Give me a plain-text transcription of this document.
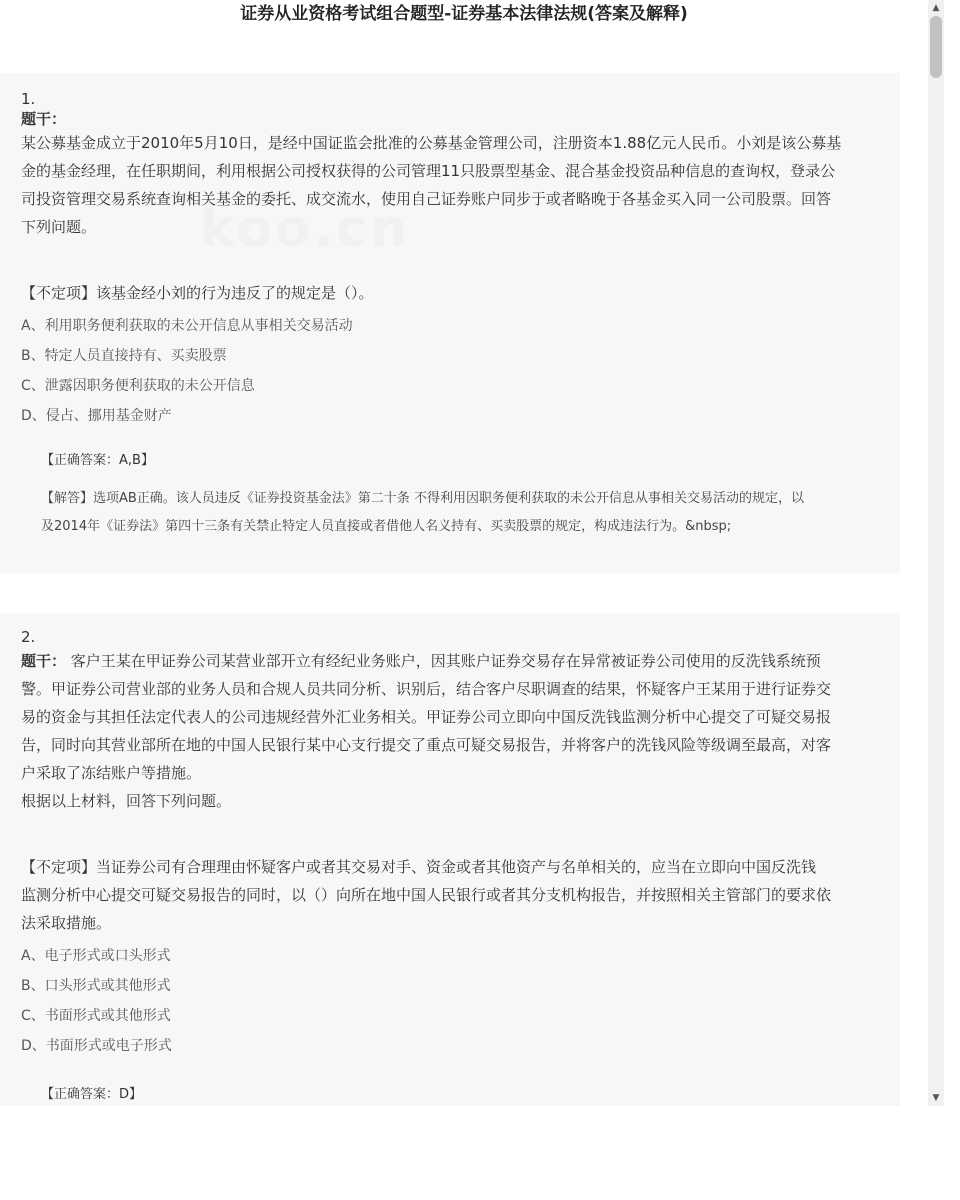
证券从业资格考试组合题型-证券基本法律法规(答案及解释)
koo.cn
1.
题干：
某公募基金成立于2010年5月10日，是经中国证监会批准的公募基金管理公司，注册资本1.88亿元人民币。小刘是该公募基
金的基金经理，在任职期间，利用根据公司授权获得的公司管理11只股票型基金、混合基金投资品种信息的查询权，登录公
司投资管理交易系统查询相关基金的委托、成交流水，使用自己证券账户同步于或者略晚于各基金买入同一公司股票。回答
下列问题。
【不定项】该基金经小刘的行为违反了的规定是（）。
A、利用职务便利获取的未公开信息从事相关交易活动
B、特定人员直接持有、买卖股票
C、泄露因职务便利获取的未公开信息
D、侵占、挪用基金财产
【正确答案：A,B】
【解答】选项AB正确。该人员违反《证券投资基金法》第二十条 不得利用因职务便利获取的未公开信息从事相关交易活动的规定，以
及2014年《证券法》第四十三条有关禁止特定人员直接或者借他人名义持有、买卖股票的规定，构成违法行为。&nbsp;
2.
题干： 客户王某在甲证券公司某营业部开立有经纪业务账户，因其账户证券交易存在异常被证券公司使用的反洗钱系统预
警。甲证券公司营业部的业务人员和合规人员共同分析、识别后，结合客户尽职调查的结果，怀疑客户王某用于进行证券交
易的资金与其担任法定代表人的公司违规经营外汇业务相关。甲证券公司立即向中国反洗钱监测分析中心提交了可疑交易报
告，同时向其营业部所在地的中国人民银行某中心支行提交了重点可疑交易报告，并将客户的洗钱风险等级调至最高，对客
户采取了冻结账户等措施。
根据以上材料，回答下列问题。
【不定项】当证券公司有合理理由怀疑客户或者其交易对手、资金或者其他资产与名单相关的，应当在立即向中国反洗钱
监测分析中心提交可疑交易报告的同时，以（）向所在地中国人民银行或者其分支机构报告，并按照相关主管部门的要求依
法采取措施。
A、电子形式或口头形式
B、口头形式或其他形式
C、书面形式或其他形式
D、书面形式或电子形式
【正确答案：D】
▲
▼
